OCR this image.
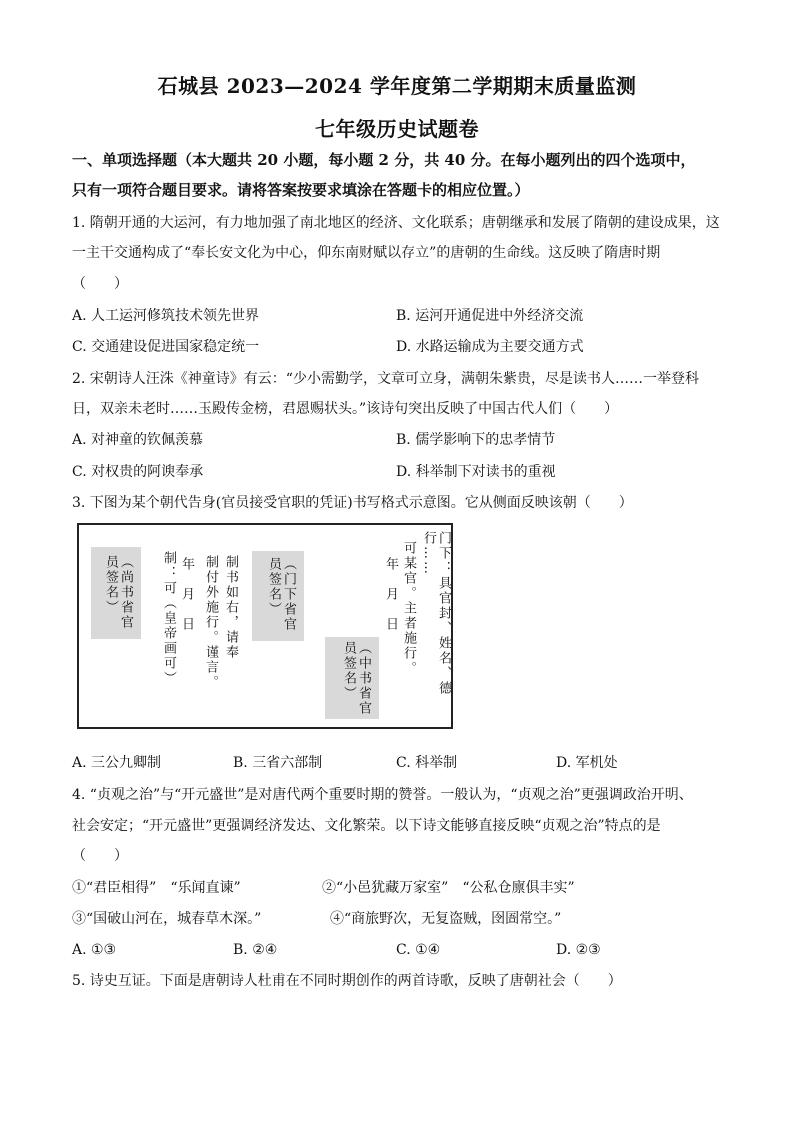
石城县 2023—2024 学年度第二学期期末质量监测
七年级历史试题卷
一、单项选择题（本大题共 20 小题，每小题 2 分，共 40 分。在每小题列出的四个选项中，
只有一项符合题目要求。请将答案按要求填涂在答题卡的相应位置。）
1. 隋朝开通的大运河，有力地加强了南北地区的经济、文化联系；唐朝继承和发展了隋朝的建设成果，这
一主干交通构成了“奉长安文化为中心，仰东南财赋以存立”的唐朝的生命线。这反映了隋唐时期
（　　）
A. 人工运河修筑技术领先世界	B. 运河开通促进中外经济交流
C. 交通建设促进国家稳定统一	D. 水路运输成为主要交通方式
2. 宋朝诗人汪洙《神童诗》有云：“少小需勤学，文章可立身，满朝朱紫贵，尽是读书人……一举登科
日，双亲未老时……玉殿传金榜，君恩赐状头。”该诗句突出反映了中国古代人们（　　）
A. 对神童的钦佩羡慕	B. 儒学影响下的忠孝情节
C. 对权贵的阿谀奉承	D. 科举制下对读书的重视
3. 下图为某个朝代告身(官员接受官职的凭证)书写格式示意图。它从侧面反映该朝（　　）
（尚书省官员签名）	制：可（皇帝画可） 年　月　日 制书如右，请奉
制付外施行。谨言。	（门下省官员签名）
（中书省官员签名）
年　月　日	门下：具官封、姓名、德行……
可某官。主者施行。
A. 三公九卿制	B. 三省六部制	C. 科举制	D. 军机处
4. “贞观之治”与“开元盛世”是对唐代两个重要时期的赞誉。一般认为，“贞观之治”更强调政治开明、
社会安定；“开元盛世”更强调经济发达、文化繁荣。以下诗文能够直接反映“贞观之治”特点的是
（　　）
①“君臣相得”　“乐闻直谏”	②“小邑犹藏万家室”　“公私仓廪俱丰实”
③“国破山河在，城春草木深。”	④“商旅野次，无复盗贼，囹圄常空。”
A. ①③	B. ②④	C. ①④	D. ②③
5. 诗史互证。下面是唐朝诗人杜甫在不同时期创作的两首诗歌，反映了唐朝社会（　　）
